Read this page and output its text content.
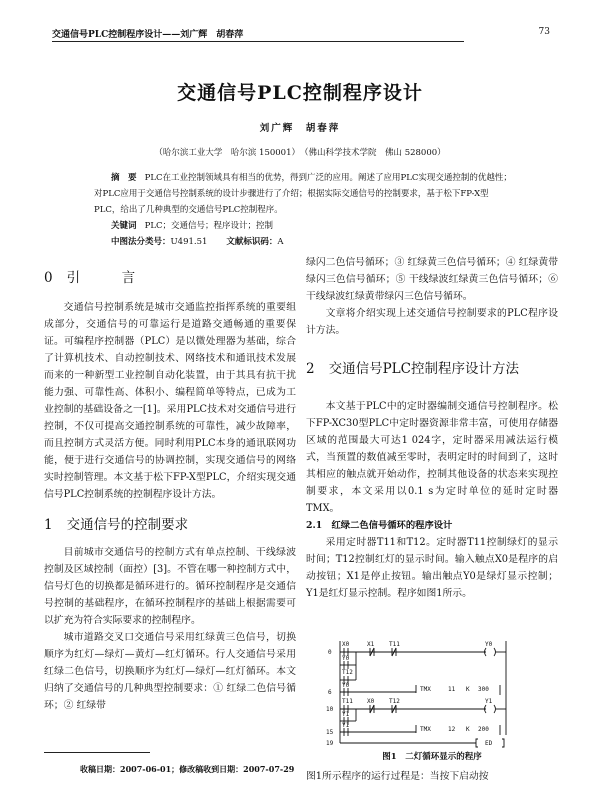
交通信号PLC控制程序设计——刘广辉　胡春萍	73
交通信号PLC控制程序设计
刘广辉　胡春萍
（哈尔滨工业大学　哈尔滨 150001）　（佛山科学技术学院　佛山 528000）

摘　要 PLC在工业控制领域具有相当的优势，得到广泛的应用。阐述了应用PLC实现交通控制的优越性；对PLC应用于交通信号控制系统的设计步骤进行了介绍；根据实际交通信号的控制要求，基于松下FP-X型PLC，给出了几种典型的交通信号PLC控制程序。

关键词 PLC；交通信号；程序设计；控制

中图法分类号：U491.51 文献标识码：A

0 引　言

交通信号控制系统是城市交通监控指挥系统的重要组成部分，交通信号的可靠运行是道路交通畅通的重要保证。可编程序控制器（PLC）是以微处理器为基础，综合了计算机技术、自动控制技术、网络技术和通讯技术发展而来的一种新型工业控制自动化装置，由于其具有抗干扰能力强、可靠性高、体积小、编程简单等特点，已成为工业控制的基础设备之一[1]。采用PLC技术对交通信号进行控制，不仅可提高交通控制系统的可靠性，减少故障率，而且控制方式灵活方便。同时利用PLC本身的通讯联网功能，便于进行交通信号的协调控制，实现交通信号的网络实时控制管理。本文基于松下FP-X型PLC，介绍实现交通信号PLC控制系统的控制程序设计方法。

1 交通信号的控制要求

目前城市交通信号的控制方式有单点控制、干线绿波控制及区域控制（面控）[3]。不管在哪一种控制方式中，信号灯色的切换都是循环进行的。循环控制程序是交通信号控制的基础程序，在循环控制程序的基础上根据需要可以扩充为符合实际要求的控制程序。

城市道路交叉口交通信号采用红绿黄三色信号，切换顺序为红灯—绿灯—黄灯—红灯循环。行人交通信号采用红绿二色信号，切换顺序为红灯—绿灯—红灯循环。本文归纳了交通信号的几种典型控制要求：① 红绿二色信号循环；② 红绿带

收稿日期：2007-06-01；修改稿收到日期：2007-07-29

绿闪二色信号循环；③ 红绿黄三色信号循环；④ 红绿黄带绿闪三色信号循环；⑤ 干线绿波红绿黄三色信号循环；⑥ 干线绿波红绿黄带绿闪三色信号循环。

文章将介绍实现上述交通信号控制要求的PLC程序设计方法。

2 交通信号PLC控制程序设计方法

本文基于PLC中的定时器编制交通信号控制程序。松下FP-XC30型PLC中定时器资源非常丰富，可使用存储器区域的范围最大可达1 024字，定时器采用减法运行模式，当预置的数值减至零时，表明定时的时间到了，这时其相应的触点就开始动作，控制其他设备的状态来实现控制要求，本文采用以0.1 s为定时单位的延时定时器TMX。

2.1　红绿二色信号循环的程序设计

采用定时器T11和T12。定时器T11控制绿灯的显示时间；T12控制红灯的显示时间。输入触点X0是程序的启动按钮；X1是停止按钮。输出触点Y0是绿灯显示控制；Y1是红灯显示控制。程序如图1所示。

0
6
10
15
19
X0	X1 T11	Y0
Y0
T12
Y0
TMX	11 K 300
T11 X0 T12	Y1
Y1
Y1
TMX	12 K 200
ED
图1　二灯循环显示的程序
图1所示程序的运行过程是：当按下启动按
